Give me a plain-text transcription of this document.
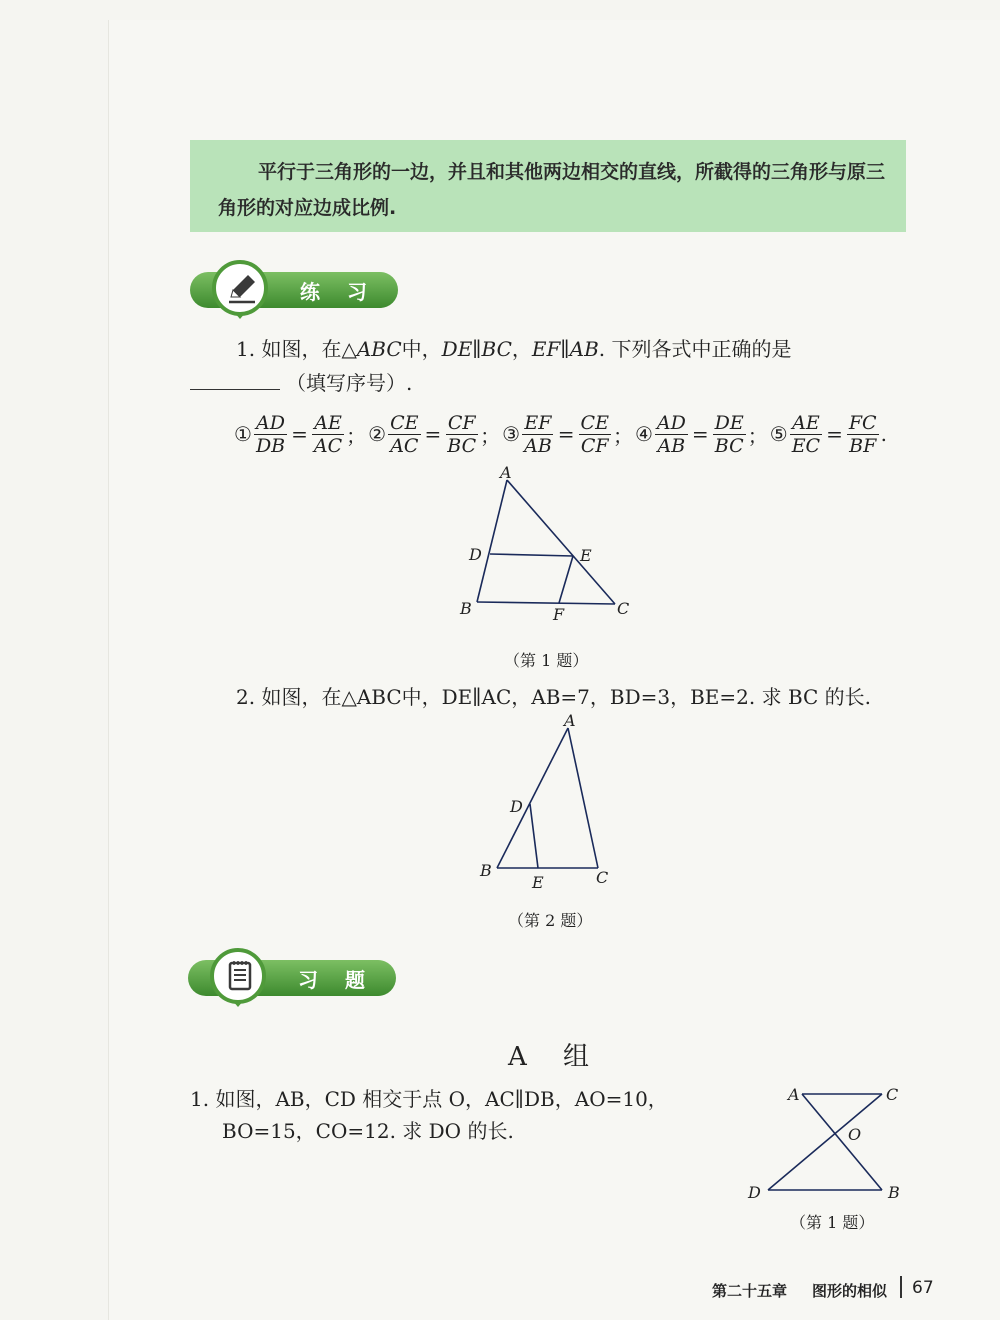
平行于三角形的一边，并且和其他两边相交的直线，所截得的三角形与原三角形的对应边成比例.
练 习
1. 如图，在△ABC中，DE∥BC，EF∥AB. 下列各式中正确的是
（填写序号）.
① $\frac{AD}{DB} = \frac{AE}{AC}$ ； ② $\frac{CE}{AC} = \frac{CF}{BC}$ ； ③ $\frac{EF}{AB} = \frac{CE}{CF}$ ； ④ $\frac{AD}{AB} = \frac{DE}{BC}$ ； ⑤ $\frac{AE}{EC} = \frac{FC}{BF}$ .
A
D	E
B	F	C
（第 1 题）
2. 如图，在△ABC中，DE∥AC，AB=7，BD=3，BE=2. 求 BC 的长.
A
D
B
E	C
（第 2 题）
习 题
A 组
1. 如图，AB，CD 相交于点 O，AC∥DB，AO=10，
BO=15，CO=12. 求 DO 的长.
A	C
O
D	B
（第 1 题）
第二十五章 图形的相似 67
